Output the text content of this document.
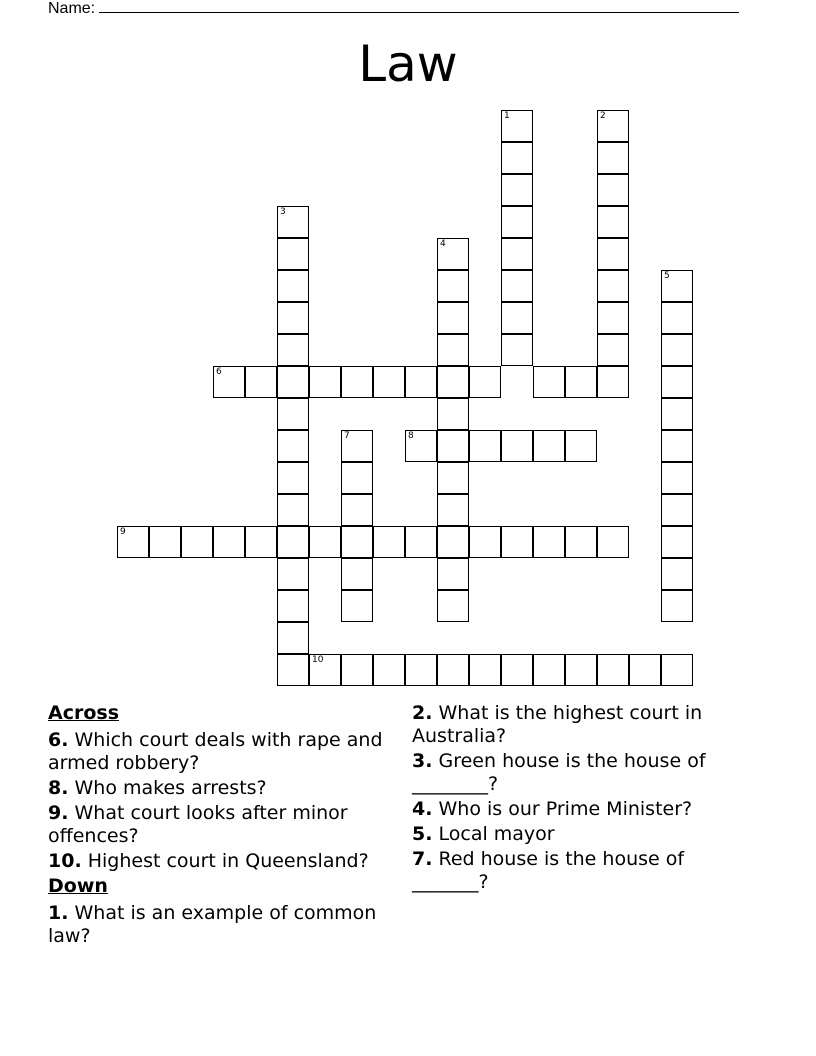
Name:
Law
1	2
3
4
5
6
7	8
9
10
Across
6. Which court deals with rape and armed robbery?
8. Who makes arrests?
9. What court looks after minor offences?
10. Highest court in Queensland?
Down
1. What is an example of common law?
2. What is the highest court in Australia?
3. Green house is the house of ________?
4. Who is our Prime Minister?
5. Local mayor
7. Red house is the house of _______?
